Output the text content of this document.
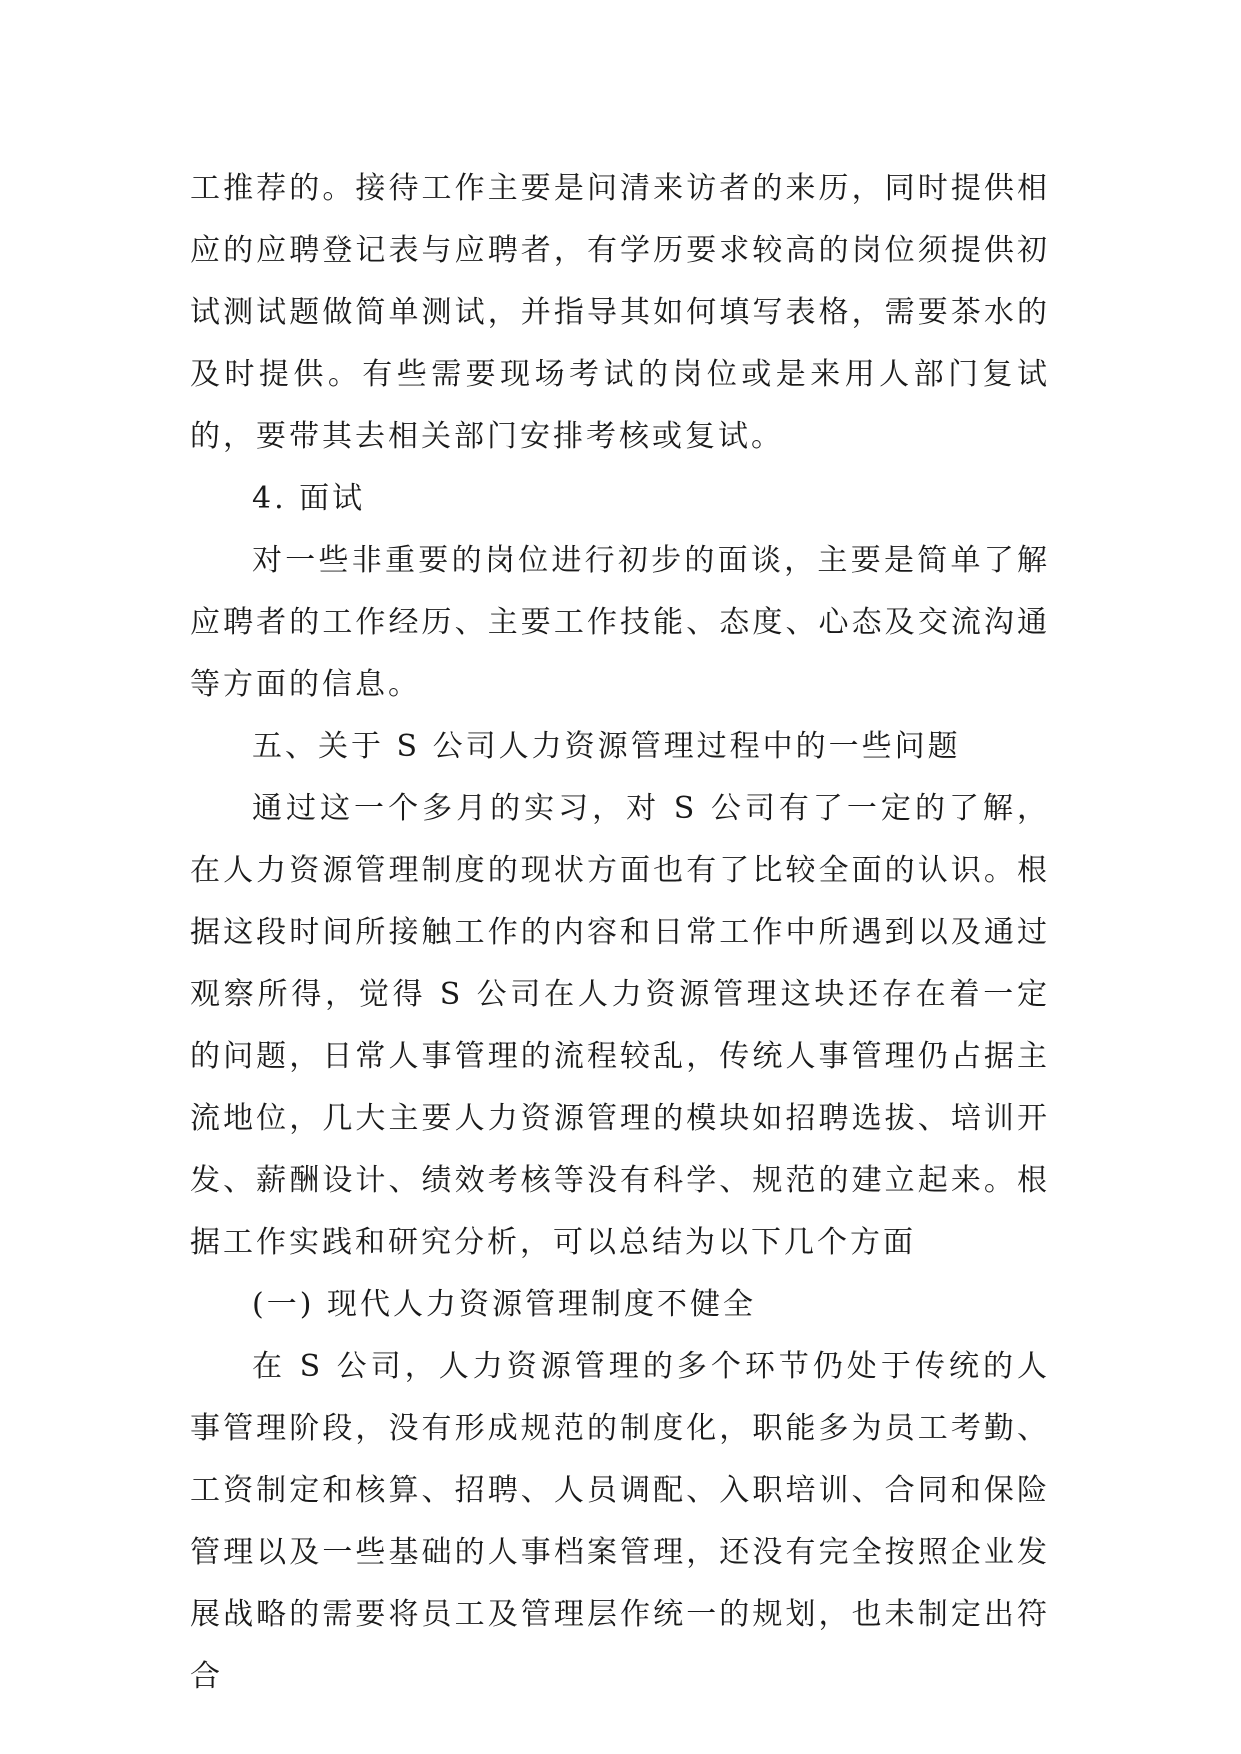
工推荐的。接待工作主要是问清来访者的来历，同时提供相应的应聘登记表与应聘者，有学历要求较高的岗位须提供初试测试题做简单测试，并指导其如何填写表格，需要茶水的及时提供。有些需要现场考试的岗位或是来用人部门复试的，要带其去相关部门安排考核或复试。

4. 面试

对一些非重要的岗位进行初步的面谈，主要是简单了解应聘者的工作经历、主要工作技能、态度、心态及交流沟通等方面的信息。

五、关于 S 公司人力资源管理过程中的一些问题

通过这一个多月的实习，对 S 公司有了一定的了解，在人力资源管理制度的现状方面也有了比较全面的认识。根据这段时间所接触工作的内容和日常工作中所遇到以及通过观察所得，觉得 S 公司在人力资源管理这块还存在着一定的问题，日常人事管理的流程较乱，传统人事管理仍占据主流地位，几大主要人力资源管理的模块如招聘选拔、培训开发、薪酬设计、绩效考核等没有科学、规范的建立起来。根据工作实践和研究分析，可以总结为以下几个方面

(一) 现代人力资源管理制度不健全

在 S 公司，人力资源管理的多个环节仍处于传统的人事管理阶段，没有形成规范的制度化，职能多为员工考勤、工资制定和核算、招聘、人员调配、入职培训、合同和保险管理以及一些基础的人事档案管理，还没有完全按照企业发展战略的需要将员工及管理层作统一的规划，也未制定出符合
